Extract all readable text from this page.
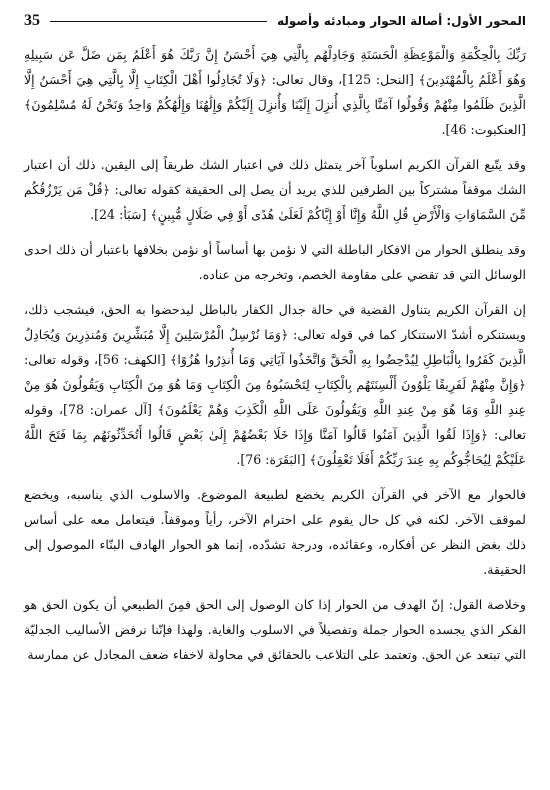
المحور الأول: أصالة الحوار ومبادئه وأصوله
35

رَبِّكَ بِالْحِكْمَةِ وَالْمَوْعِظَةِ الْحَسَنَةِ وَجَادِلْهُم بِالَّتِي هِيَ أَحْسَنُ إِنَّ رَبَّكَ هُوَ أَعْلَمُ بِمَن ضَلَّ عَن سَبِيلِهِ وَهُوَ أَعْلَمُ بِالْمُهْتَدِينَ﴾ [النحل: 125]، وقال تعالى: ﴿وَلَا تُجَادِلُوا أَهْلَ الْكِتَابِ إِلَّا بِالَّتِي هِيَ أَحْسَنُ إِلَّا الَّذِينَ ظَلَمُوا مِنْهُمْ وَقُولُوا آمَنَّا بِالَّذِي أُنزِلَ إِلَيْنَا وَأُنزِلَ إِلَيْكُمْ وَإِلَٰهُنَا وَإِلَٰهُكُمْ وَاحِدٌ وَنَحْنُ لَهُ مُسْلِمُونَ﴾ [العنكبوت: 46].

وقد يتّبع القرآن الكريم اسلوباً آخر يتمثل ذلك في اعتبار الشك طريقاً إلى اليقين. ذلك أن اعتبار الشك موقفاً مشتركاً بين الطرفين للذي يريد أن يصل إلى الحقيقة كقوله تعالى: ﴿قُلْ مَن يَرْزُقُكُم مِّنَ السَّمَاوَاتِ وَالْأَرْضِ قُلِ اللَّهُ وَإِنَّا أَوْ إِيَّاكُمْ لَعَلَىٰ هُدًى أَوْ فِي ضَلَالٍ مُّبِينٍ﴾ [سَبَأ: 24].

وقد ينطلق الحوار من الافكار الباطلة التي لا نؤمن بها أساساً أو نؤمن بخلافها باعتبار أن ذلك احدى الوسائل التي قد تقضي على مقاومة الخصم، وتخرجه من عناده.

إن القرآن الكريم يتناول القضية في حالة جدال الكفار بالباطل ليدحضوا به الحق، فيشجب ذلك، ويستنكره أشدّ الاستنكار كما في قوله تعالى: ﴿وَمَا نُرْسِلُ الْمُرْسَلِينَ إِلَّا مُبَشِّرِينَ وَمُنذِرِينَ وَيُجَادِلُ الَّذِينَ كَفَرُوا بِالْبَاطِلِ لِيُدْحِضُوا بِهِ الْحَقَّ وَاتَّخَذُوا آيَاتِي وَمَا أُنذِرُوا هُزُوًا﴾ [الكهف: 56]، وقوله تعالى: ﴿وَإِنَّ مِنْهُمْ لَفَرِيقًا يَلْوُونَ أَلْسِنَتَهُم بِالْكِتَابِ لِتَحْسَبُوهُ مِنَ الْكِتَابِ وَمَا هُوَ مِنَ الْكِتَابِ وَيَقُولُونَ هُوَ مِنْ عِندِ اللَّهِ وَمَا هُوَ مِنْ عِندِ اللَّهِ وَيَقُولُونَ عَلَى اللَّهِ الْكَذِبَ وَهُمْ يَعْلَمُونَ﴾ [آل عمران: 78]، وقوله تعالى: ﴿وَإِذَا لَقُوا الَّذِينَ آمَنُوا قَالُوا آمَنَّا وَإِذَا خَلَا بَعْضُهُمْ إِلَىٰ بَعْضٍ قَالُوا أَتُحَدِّثُونَهُم بِمَا فَتَحَ اللَّهُ عَلَيْكُمْ لِيُحَاجُّوكُم بِهِ عِندَ رَبِّكُمْ أَفَلَا تَعْقِلُونَ﴾ [البَقَرَة: 76].

فالحوار مع الآخر في القرآن الكريم يخضع لطبيعة الموضوع. والاسلوب الذي يناسبه، ويخضع لموقف الآخر. لكنه في كل حال يقوم على احترام الآخر، رأياً وموقفاً. فيتعامل معه على أساس ذلك بغض النظر عن أفكاره، وعقائده، ودرجة تشدّده، إنما هو الحوار الهادف البنّاء الموصول إلى الحقيقة.

وخلاصة القول: إنّ الهدف من الحوار إذا كان الوصول إلى الحق فمِنَ الطبيعي أن يكون الحق هو الفكر الذي يجسده الحوار جملة وتفصيلاً في الاسلوب والغاية. ولهذا فإنّنا نرفض الأساليب الجدليّة التي تبتعد عن الحق. وتعتمد على التلاعب بالحقائق في محاولة لاخفاء ضعف المجادل عن ممارسة
